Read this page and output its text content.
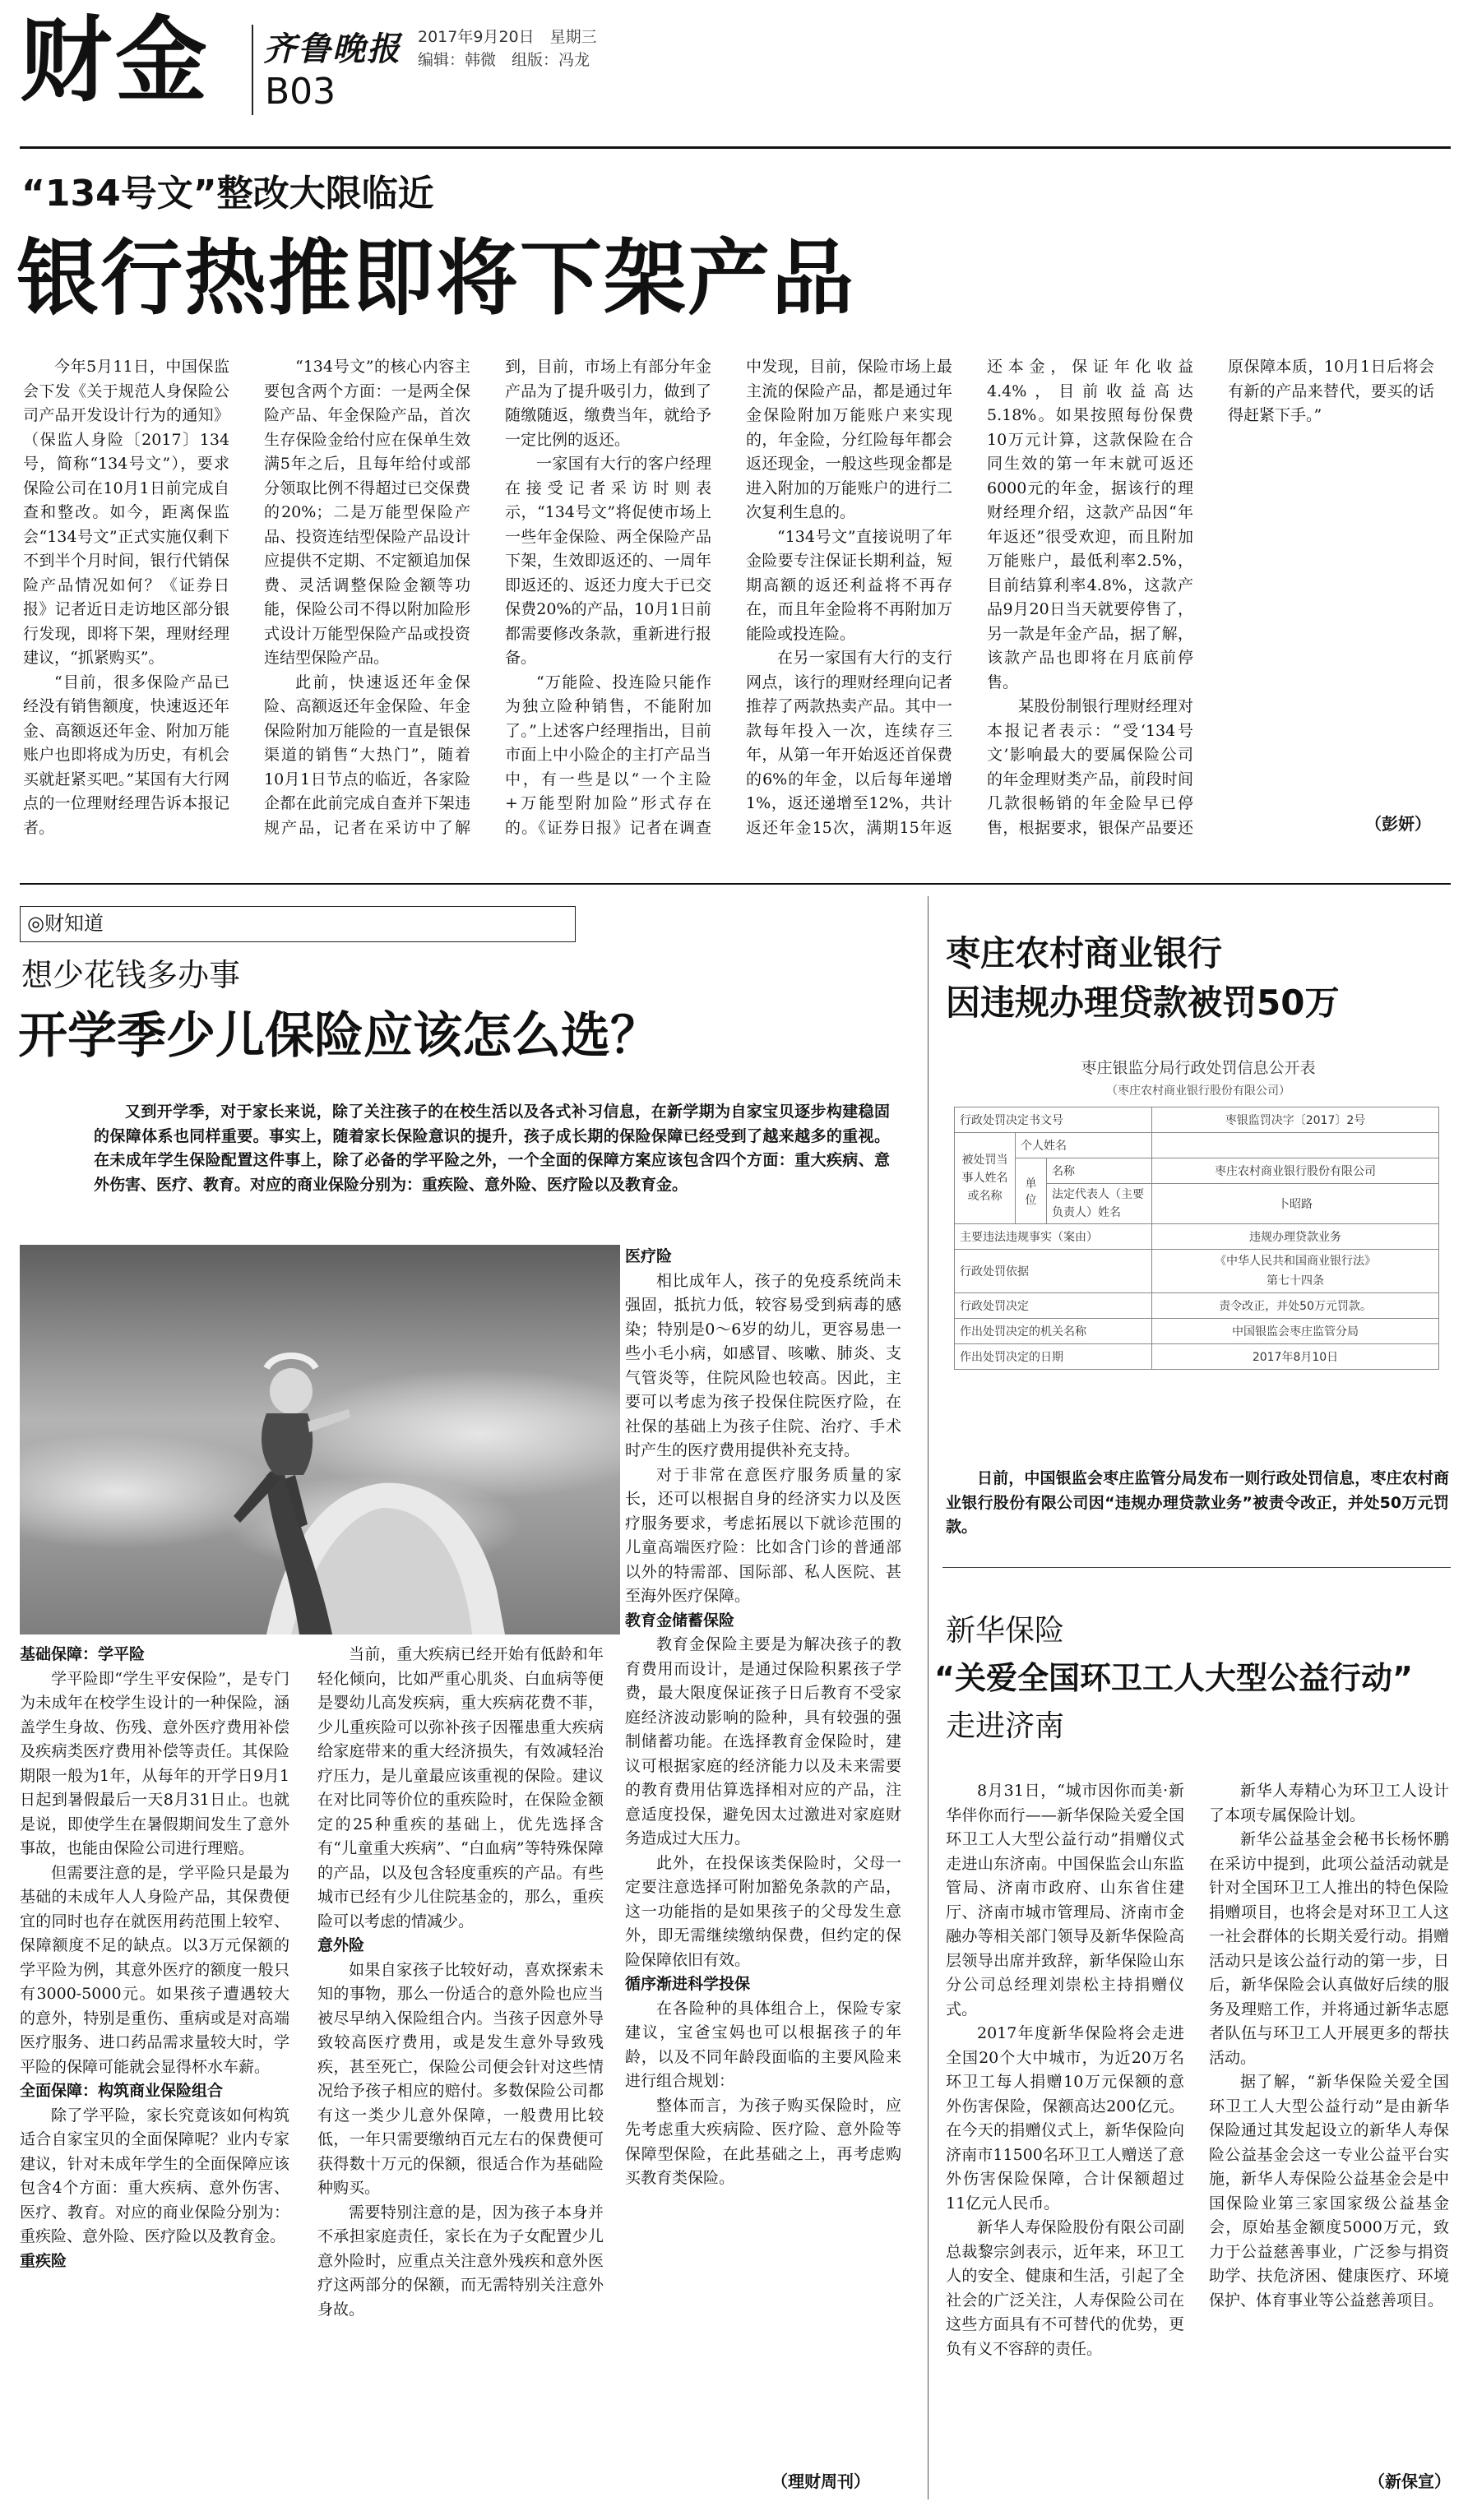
财金 齐鲁晚报
B03
2017年9月20日　星期三
编辑：韩微　组版：冯龙
“134号文”整改大限临近
银行热推即将下架产品

今年5月11日，中国保监会下发《关于规范人身保险公司产品开发设计行为的通知》（保监人身险〔2017〕134号，简称“134号文”），要求保险公司在10月1日前完成自查和整改。如今，距离保监会“134号文”正式实施仅剩下不到半个月时间，银行代销保险产品情况如何？《证券日报》记者近日走访地区部分银行发现，即将下架，理财经理建议，“抓紧购买”。

“目前，很多保险产品已经没有销售额度，快速返还年金、高额返还年金、附加万能账户也即将成为历史，有机会买就赶紧买吧。”某国有大行网点的一位理财经理告诉本报记者。

“134号文”的核心内容主要包含两个方面：一是两全保险产品、年金保险产品，首次生存保险金给付应在保单生效满5年之后，且每年给付或部分领取比例不得超过已交保费的20%；二是万能型保险产品、投资连结型保险产品设计应提供不定期、不定额追加保费、灵活调整保险金额等功能，保险公司不得以附加险形式设计万能型保险产品或投资连结型保险产品。

此前，快速返还年金保险、高额返还年金保险、年金保险附加万能险的一直是银保渠道的销售“大热门”，随着10月1日节点的临近，各家险企都在此前完成自查并下架违规产品，记者在采访中了解到，目前，市场上有部分年金产品为了提升吸引力，做到了随缴随返，缴费当年，就给予一定比例的返还。

一家国有大行的客户经理在接受记者采访时则表示，“134号文”将促使市场上一些年金保险、两全保险产品下架，生效即返还的、一周年即返还的、返还力度大于已交保费20%的产品，10月1日前都需要修改条款，重新进行报备。

“万能险、投连险只能作为独立险种销售，不能附加了。”上述客户经理指出，目前市面上中小险企的主打产品当中，有一些是以“一个主险+万能型附加险”形式存在的。《证券日报》记者在调查中发现，目前，保险市场上最主流的保险产品，都是通过年金保险附加万能账户来实现的，年金险，分红险每年都会返还现金，一般这些现金都是进入附加的万能账户的进行二次复利生息的。

“134号文”直接说明了年金险要专注保证长期利益，短期高额的返还利益将不再存在，而且年金险将不再附加万能险或投连险。

在另一家国有大行的支行网点，该行的理财经理向记者推荐了两款热卖产品。其中一款每年投入一次，连续存三年，从第一年开始返还首保费的6%的年金，以后每年递增1%，返还递增至12%，共计返还年金15次，满期15年返还本金，保证年化收益4.4%，目前收益高达5.18%。如果按照每份保费10万元计算，这款保险在合同生效的第一年末就可返还6000元的年金，据该行的理财经理介绍，这款产品因“年年返还”很受欢迎，而且附加万能账户，最低利率2.5%，目前结算利率4.8%，这款产品9月20日当天就要停售了，另一款是年金产品，据了解，该款产品也即将在月底前停售。

某股份制银行理财经理对本报记者表示：“受‘134号文’影响最大的要属保险公司的年金理财类产品，前段时间几款很畅销的年金险早已停售，根据要求，银保产品要还原保障本质，10月1日后将会有新的产品来替代，要买的话得赶紧下手。”

（彭妍）
◎财知道
想少花钱多办事
开学季少儿保险应该怎么选？
又到开学季，对于家长来说，除了关注孩子的在校生活以及各式补习信息，在新学期为自家宝贝逐步构建稳固的保障体系也同样重要。事实上，随着家长保险意识的提升，孩子成长期的保险保障已经受到了越来越多的重视。在未成年学生保险配置这件事上，除了必备的学平险之外，一个全面的保障方案应该包含四个方面：重大疾病、意外伤害、医疗、教育。对应的商业保险分别为：重疾险、意外险、医疗险以及教育金。
基础保障：学平险

学平险即“学生平安保险”，是专门为未成年在校学生设计的一种保险，涵盖学生身故、伤残、意外医疗费用补偿及疾病类医疗费用补偿等责任。其保险期限一般为1年，从每年的开学日9月1日起到暑假最后一天8月31日止。也就是说，即使学生在暑假期间发生了意外事故，也能由保险公司进行理赔。

但需要注意的是，学平险只是最为基础的未成年人人身险产品，其保费便宜的同时也存在就医用药范围上较窄、保障额度不足的缺点。以3万元保额的学平险为例，其意外医疗的额度一般只有3000-5000元。如果孩子遭遇较大的意外，特别是重伤、重病或是对高端医疗服务、进口药品需求量较大时，学平险的保障可能就会显得杯水车薪。

全面保障：构筑商业保险组合

除了学平险，家长究竟该如何构筑适合自家宝贝的全面保障呢？业内专家建议，针对未成年学生的全面保障应该包含4个方面：重大疾病、意外伤害、医疗、教育。对应的商业保险分别为：重疾险、意外险、医疗险以及教育金。

重疾险

当前，重大疾病已经开始有低龄和年轻化倾向，比如严重心肌炎、白血病等便是婴幼儿高发疾病，重大疾病花费不菲，少儿重疾险可以弥补孩子因罹患重大疾病给家庭带来的重大经济损失，有效减轻治疗压力，是儿童最应该重视的保险。建议在对比同等价位的重疾险时，在保险金额定的25种重疾的基础上，优先选择含有“儿童重大疾病”、“白血病”等特殊保障的产品，以及包含轻度重疾的产品。有些城市已经有少儿住院基金的，那么，重疾险可以考虑的情减少。

意外险

如果自家孩子比较好动，喜欢探索未知的事物，那么一份适合的意外险也应当被尽早纳入保险组合内。当孩子因意外导致较高医疗费用，或是发生意外导致残疾，甚至死亡，保险公司便会针对这些情况给予孩子相应的赔付。多数保险公司都有这一类少儿意外保障，一般费用比较低，一年只需要缴纳百元左右的保费便可获得数十万元的保额，很适合作为基础险种购买。

需要特别注意的是，因为孩子本身并不承担家庭责任，家长在为子女配置少儿意外险时，应重点关注意外残疾和意外医疗这两部分的保额，而无需特别关注意外身故。

医疗险

相比成年人，孩子的免疫系统尚未强固，抵抗力低，较容易受到病毒的感染；特别是0～6岁的幼儿，更容易患一些小毛小病，如感冒、咳嗽、肺炎、支气管炎等，住院风险也较高。因此，主要可以考虑为孩子投保住院医疗险，在社保的基础上为孩子住院、治疗、手术时产生的医疗费用提供补充支持。

对于非常在意医疗服务质量的家长，还可以根据自身的经济实力以及医疗服务要求，考虑拓展以下就诊范围的儿童高端医疗险：比如含门诊的普通部以外的特需部、国际部、私人医院、甚至海外医疗保障。

教育金储蓄保险

教育金保险主要是为解决孩子的教育费用而设计，是通过保险积累孩子学费，最大限度保证孩子日后教育不受家庭经济波动影响的险种，具有较强的强制储蓄功能。在选择教育金保险时，建议可根据家庭的经济能力以及未来需要的教育费用估算选择相对应的产品，注意适度投保，避免因太过激进对家庭财务造成过大压力。

此外，在投保该类保险时，父母一定要注意选择可附加豁免条款的产品，这一功能指的是如果孩子的父母发生意外，即无需继续缴纳保费，但约定的保险保障依旧有效。

循序渐进科学投保

在各险种的具体组合上，保险专家建议，宝爸宝妈也可以根据孩子的年龄，以及不同年龄段面临的主要风险来进行组合规划：

整体而言，为孩子购买保险时，应先考虑重大疾病险、医疗险、意外险等保障型保险，在此基础之上，再考虑购买教育类保险。

（理财周刊）
枣庄农村商业银行
因违规办理贷款被罚50万
枣庄银监分局行政处罚信息公开表
（枣庄农村商业银行股份有限公司）
行政处罚决定书文号			枣银监罚决字〔2017〕2号
被处罚当事人姓名或名称	个人姓名		
	单位	名称	枣庄农村商业银行股份有限公司
		法定代表人（主要负责人）姓名	卜昭路

主要违法违规事实（案由）			违规办理贷款业务
行政处罚依据			《中华人民共和国商业银行法》
第七十四条

行政处罚决定			责令改正，并处50万元罚款。
作出处罚决定的机关名称			中国银监会枣庄监管分局
作出处罚决定的日期			2017年8月10日
日前，中国银监会枣庄监管分局发布一则行政处罚信息，枣庄农村商业银行股份有限公司因“违规办理贷款业务”被责令改正，并处50万元罚款。
新华保险
“关爱全国环卫工人大型公益行动”
走进济南

8月31日，“城市因你而美·新华伴你而行——新华保险关爱全国环卫工人大型公益行动”捐赠仪式走进山东济南。中国保监会山东监管局、济南市政府、山东省住建厅、济南市城市管理局、济南市金融办等相关部门领导及新华保险高层领导出席并致辞，新华保险山东分公司总经理刘崇松主持捐赠仪式。

2017年度新华保险将会走进全国20个大中城市，为近20万名环卫工每人捐赠10万元保额的意外伤害保险，保额高达200亿元。在今天的捐赠仪式上，新华保险向济南市11500名环卫工人赠送了意外伤害保险保障，合计保额超过11亿元人民币。

新华人寿保险股份有限公司副总裁黎宗剑表示，近年来，环卫工人的安全、健康和生活，引起了全社会的广泛关注，人寿保险公司在这些方面具有不可替代的优势，更负有义不容辞的责任。

新华人寿精心为环卫工人设计了本项专属保险计划。

新华公益基金会秘书长杨怀鹏在采访中提到，此项公益活动就是针对全国环卫工人推出的特色保险捐赠项目，也将会是对环卫工人这一社会群体的长期关爱行动。捐赠活动只是该公益行动的第一步，日后，新华保险会认真做好后续的服务及理赔工作，并将通过新华志愿者队伍与环卫工人开展更多的帮扶活动。

据了解，“新华保险关爱全国环卫工人大型公益行动”是由新华保险通过其发起设立的新华人寿保险公益基金会这一专业公益平台实施，新华人寿保险公益基金会是中国保险业第三家国家级公益基金会，原始基金额度5000万元，致力于公益慈善事业，广泛参与捐资助学、扶危济困、健康医疗、环境保护、体育事业等公益慈善项目。

（新保宣）
